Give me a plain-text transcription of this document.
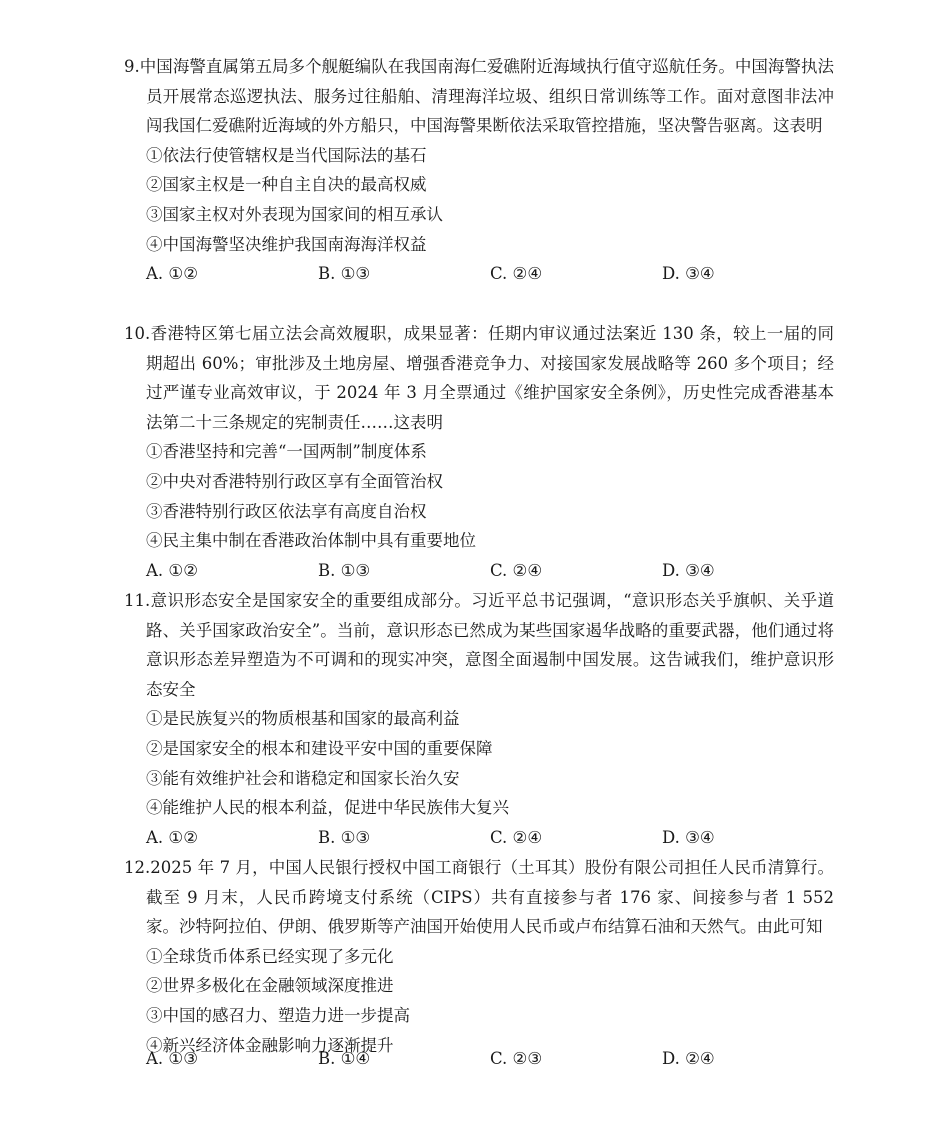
9.中国海警直属第五局多个舰艇编队在我国南海仁爱礁附近海域执行值守巡航任务。中国海警执法员开展常态巡逻执法、服务过往船舶、清理海洋垃圾、组织日常训练等工作。面对意图非法冲闯我国仁爱礁附近海域的外方船只，中国海警果断依法采取管控措施，坚决警告驱离。这表明
①依法行使管辖权是当代国际法的基石
②国家主权是一种自主自决的最高权威
③国家主权对外表现为国家间的相互承认
④中国海警坚决维护我国南海海洋权益
A. ①②	B. ①③	C. ②④	D. ③④
10.香港特区第七届立法会高效履职，成果显著：任期内审议通过法案近 130 条，较上一届的同期超出 60%；审批涉及土地房屋、增强香港竞争力、对接国家发展战略等 260 多个项目；经过严谨专业高效审议，于 2024 年 3 月全票通过《维护国家安全条例》，历史性完成香港基本法第二十三条规定的宪制责任……这表明
①香港坚持和完善“一国两制”制度体系
②中央对香港特别行政区享有全面管治权
③香港特别行政区依法享有高度自治权
④民主集中制在香港政治体制中具有重要地位
A. ①②	B. ①③	C. ②④	D. ③④
11.意识形态安全是国家安全的重要组成部分。习近平总书记强调，“意识形态关乎旗帜、关乎道路、关乎国家政治安全”。当前，意识形态已然成为某些国家遏华战略的重要武器，他们通过将意识形态差异塑造为不可调和的现实冲突，意图全面遏制中国发展。这告诫我们，维护意识形态安全
①是民族复兴的物质根基和国家的最高利益
②是国家安全的根本和建设平安中国的重要保障
③能有效维护社会和谐稳定和国家长治久安
④能维护人民的根本利益，促进中华民族伟大复兴
A. ①②	B. ①③	C. ②④	D. ③④
12.2025 年 7 月，中国人民银行授权中国工商银行（土耳其）股份有限公司担任人民币清算行。截至 9 月末，人民币跨境支付系统（CIPS）共有直接参与者 176 家、间接参与者 1 552 家。沙特阿拉伯、伊朗、俄罗斯等产油国开始使用人民币或卢布结算石油和天然气。由此可知
①全球货币体系已经实现了多元化
②世界多极化在金融领域深度推进
③中国的感召力、塑造力进一步提高
④新兴经济体金融影响力逐渐提升
A. ①③	B. ①④	C. ②③	D. ②④
